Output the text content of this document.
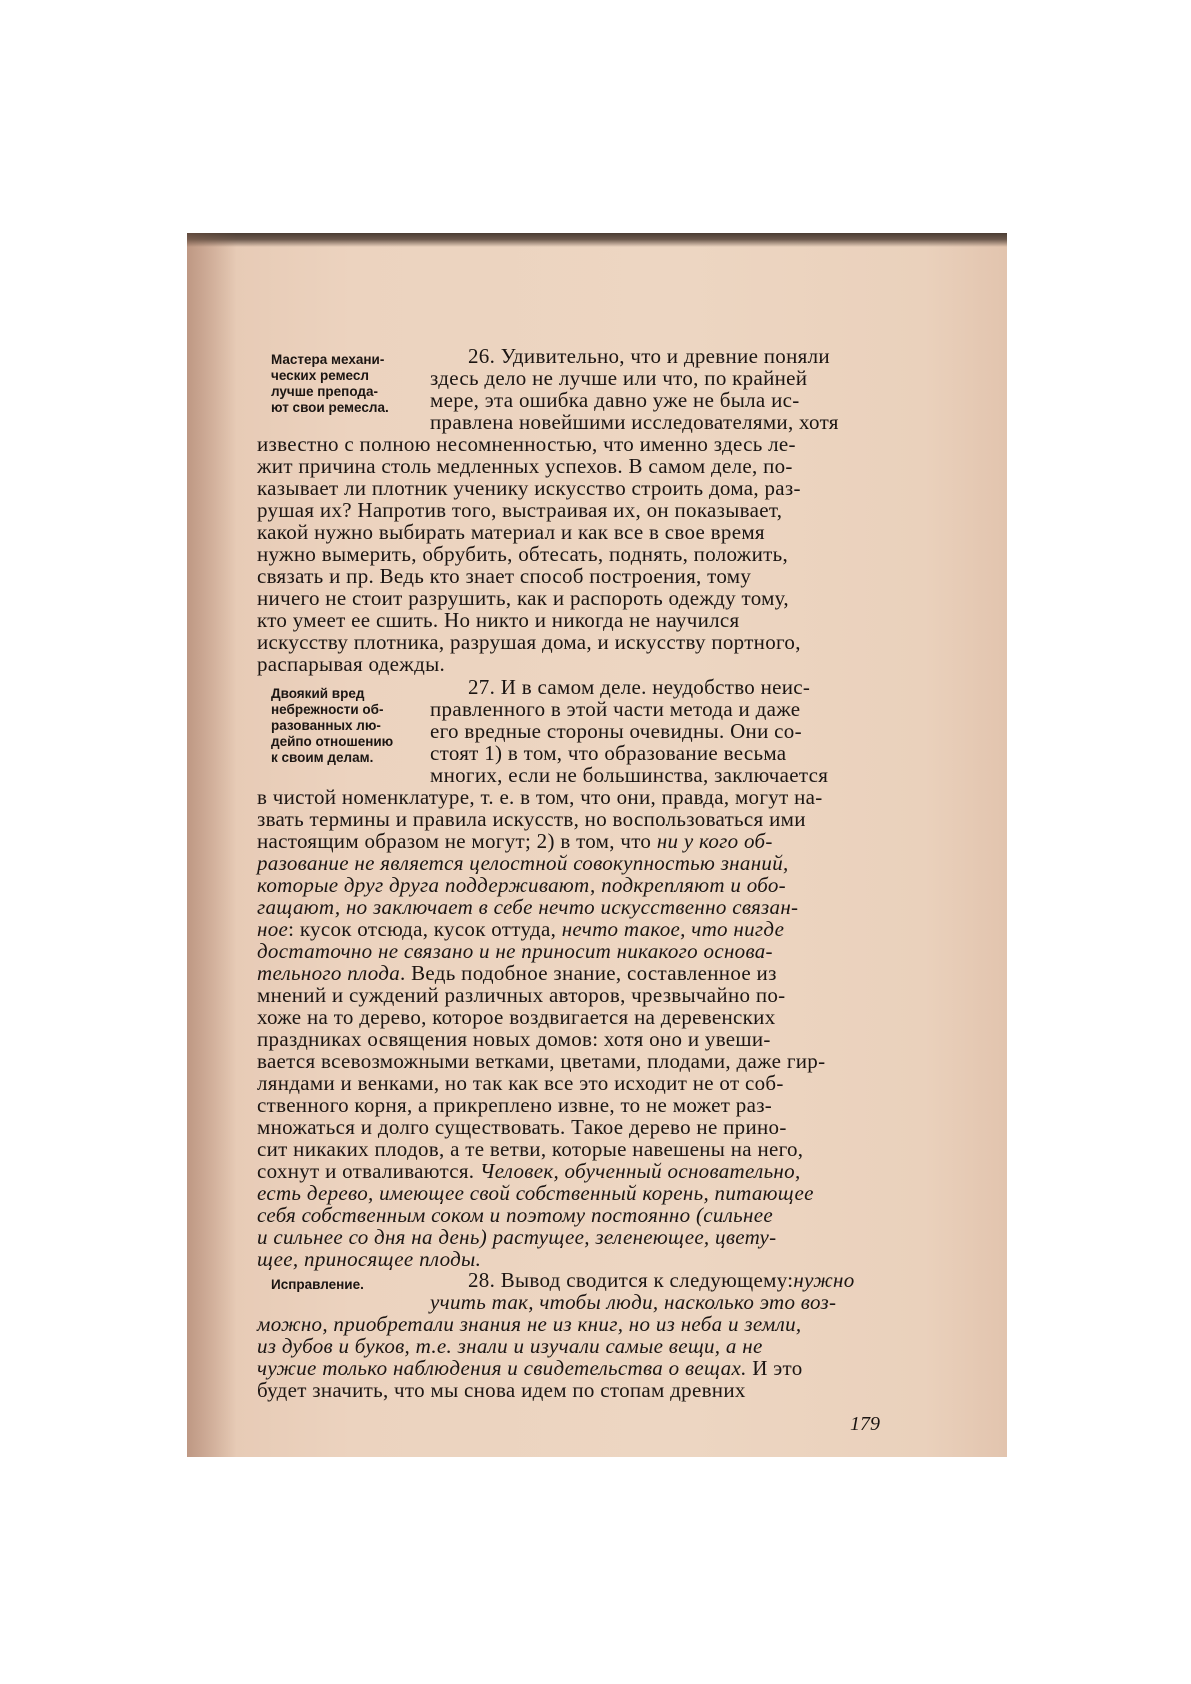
Мастера механи-
ческих ремесл
лучше препода-
ют свои ремесла.
26. Удивительно, что и древние поняли
здесь дело не лучше или что, по крайней
мере, эта ошибка давно уже не была ис-
правлена новейшими исследователями, хотя
известно с полною несомненностью, что именно здесь ле-
жит причина столь медленных успехов. В самом деле, по-
казывает ли плотник ученику искусство строить дома, раз-
рушая их? Напротив того, выстраивая их, он показывает,
какой нужно выбирать материал и как все в свое время
нужно вымерить, обрубить, обтесать, поднять, положить,
связать и пр. Ведь кто знает способ построения, тому
ничего не стоит разрушить, как и распороть одежду тому,
кто умеет ее сшить. Но никто и никогда не научился
искусству плотника, разрушая дома, и искусству портного,
распарывая одежды.
Двоякий вред
небрежности об-
разованных лю-
дейпо отношению
к своим делам.
27. И в самом деле. неудобство неис-
правленного в этой части метода и даже
его вредные стороны очевидны. Они со-
стоят 1) в том, что образование весьма
многих, если не большинства, заключается
в чистой номенклатуре, т. е. в том, что они, правда, могут на-
звать термины и правила искусств, но воспользоваться ими
настоящим образом не могут; 2) в том, что ни у кого об-
разование не является целостной совокупностью знаний,
которые друг друга поддерживают, подкрепляют и обо-
гащают, но заключает в себе нечто искусственно связан-
ное: кусок отсюда, кусок оттуда, нечто такое, что нигде
достаточно не связано и не приносит никакого основа-
тельного плода. Ведь подобное знание, составленное из
мнений и суждений различных авторов, чрезвычайно по-
хоже на то дерево, которое воздвигается на деревенских
праздниках освящения новых домов: хотя оно и увеши-
вается всевозможными ветками, цветами, плодами, даже гир-
ляндами и венками, но так как все это исходит не от соб-
ственного корня, а прикреплено извне, то не может раз-
множаться и долго существовать. Такое дерево не прино-
сит никаких плодов, а те ветви, которые навешены на него,
сохнут и отваливаются. Человек, обученный основательно,
есть дерево, имеющее свой собственный корень, питающее
себя собственным соком и поэтому постоянно (сильнее
и сильнее со дня на день) растущее, зеленеющее, цвету-
щее, приносящее плоды.
Исправление.	28. Вывод сводится к следующему:нужно
учить так, чтобы люди, насколько это воз-
можно, приобретали знания не из книг, но из неба и земли,
из дубов и буков, т.е. знали и изучали самые вещи, а не
чужие только наблюдения и свидетельства о вещах. И это
будет значить, что мы снова идем по стопам древних
179
